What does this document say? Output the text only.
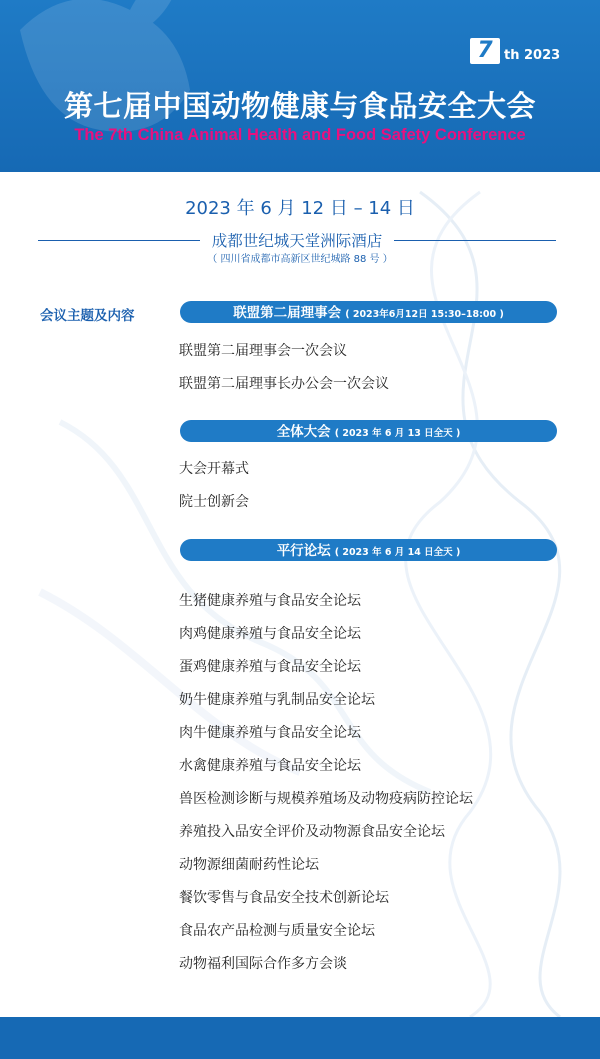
7 th 2023
第七届中国动物健康与食品安全大会
The 7th China Animal Health and Food Safety Conference
2023 年 6 月 12 日 – 14 日
成都世纪城天堂洲际酒店
（ 四川省成都市高新区世纪城路 88 号 ）
会议主题及内容	联盟第二届理事会 ( 2023年6月12日 15:30–18:00 )
联盟第二届理事会一次会议
联盟第二届理事长办公会一次会议
全体大会 ( 2023 年 6 月 13 日全天 )
大会开幕式
院士创新会
平行论坛 ( 2023 年 6 月 14 日全天 )
生猪健康养殖与食品安全论坛
肉鸡健康养殖与食品安全论坛
蛋鸡健康养殖与食品安全论坛
奶牛健康养殖与乳制品安全论坛
肉牛健康养殖与食品安全论坛
水禽健康养殖与食品安全论坛
兽医检测诊断与规模养殖场及动物疫病防控论坛
养殖投入品安全评价及动物源食品安全论坛
动物源细菌耐药性论坛
餐饮零售与食品安全技术创新论坛
食品农产品检测与质量安全论坛
动物福利国际合作多方会谈
